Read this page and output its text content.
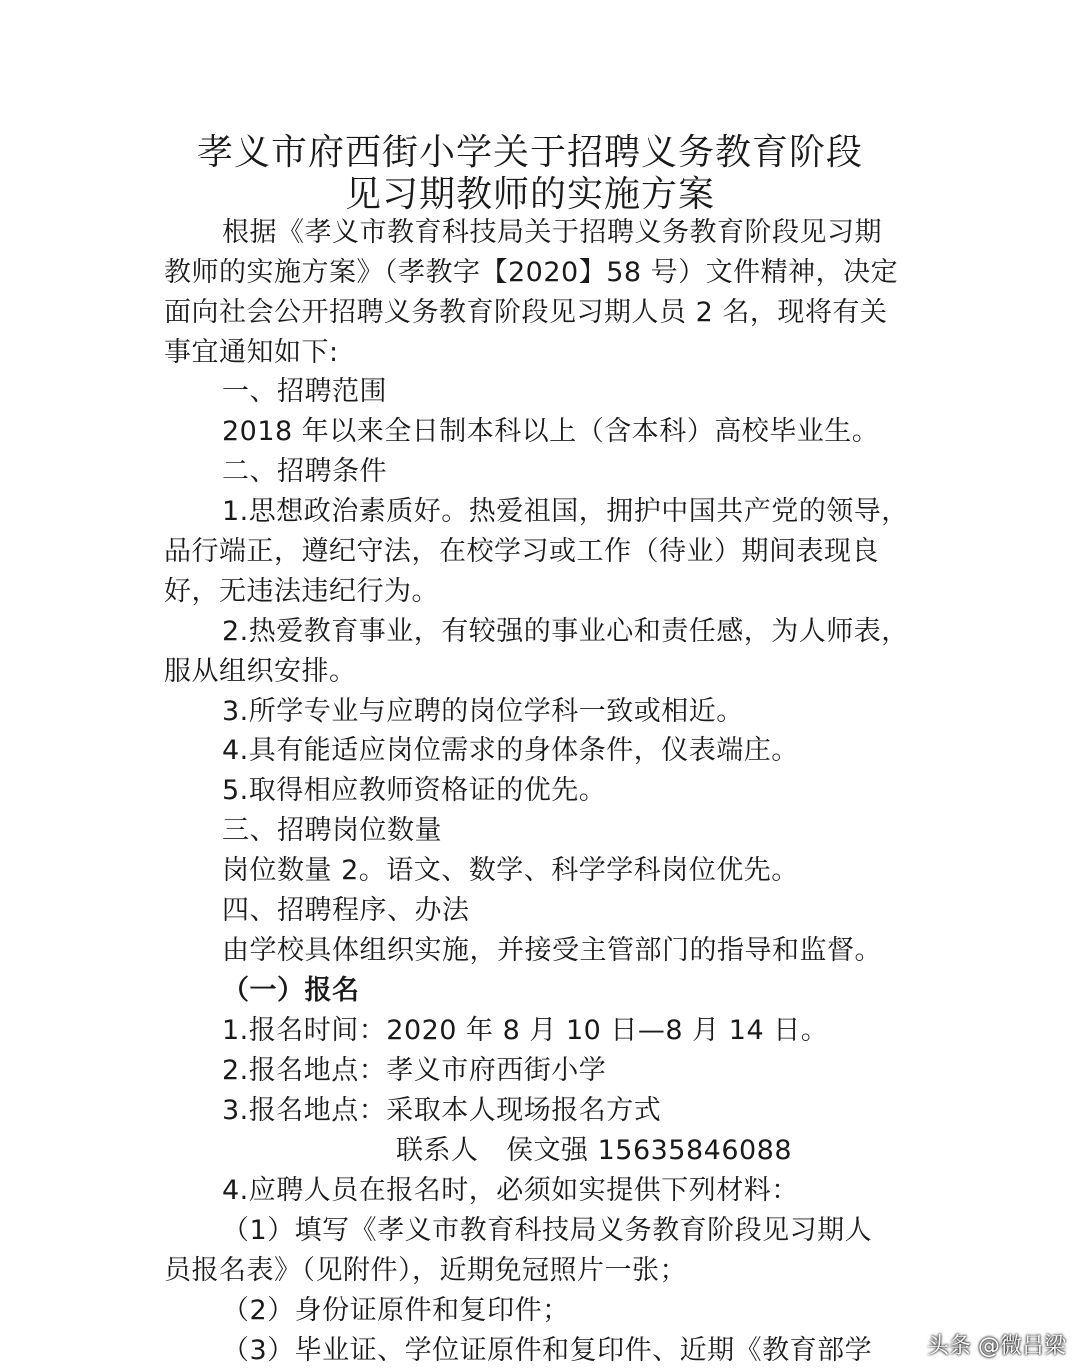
孝义市府西街小学关于招聘义务教育阶段
见习期教师的实施方案
根据《孝义市教育科技局关于招聘义务教育阶段见习期
教师的实施方案》（孝教字【2020】58 号）文件精神，决定
面向社会公开招聘义务教育阶段见习期人员 2 名，现将有关
事宜通知如下:
一、招聘范围
2018 年以来全日制本科以上（含本科）高校毕业生。
二、招聘条件
1.思想政治素质好。热爱祖国，拥护中国共产党的领导，
品行端正，遵纪守法，在校学习或工作（待业）期间表现良
好，无违法违纪行为。
2.热爱教育事业，有较强的事业心和责任感，为人师表，
服从组织安排。
3.所学专业与应聘的岗位学科一致或相近。
4.具有能适应岗位需求的身体条件，仪表端庄。
5.取得相应教师资格证的优先。
三、招聘岗位数量
岗位数量 2。语文、数学、科学学科岗位优先。
四、招聘程序、办法
由学校具体组织实施，并接受主管部门的指导和监督。
（一）报名
1.报名时间：2020 年 8 月 10 日—8 月 14 日。
2.报名地点：孝义市府西街小学
3.报名地点：采取本人现场报名方式
联系人　侯文强 15635846088
4.应聘人员在报名时，必须如实提供下列材料：
（1）填写《孝义市教育科技局义务教育阶段见习期人
员报名表》（见附件），近期免冠照片一张；
（2）身份证原件和复印件；
（3）毕业证、学位证原件和复印件、近期《教育部学 头条 @微吕梁
